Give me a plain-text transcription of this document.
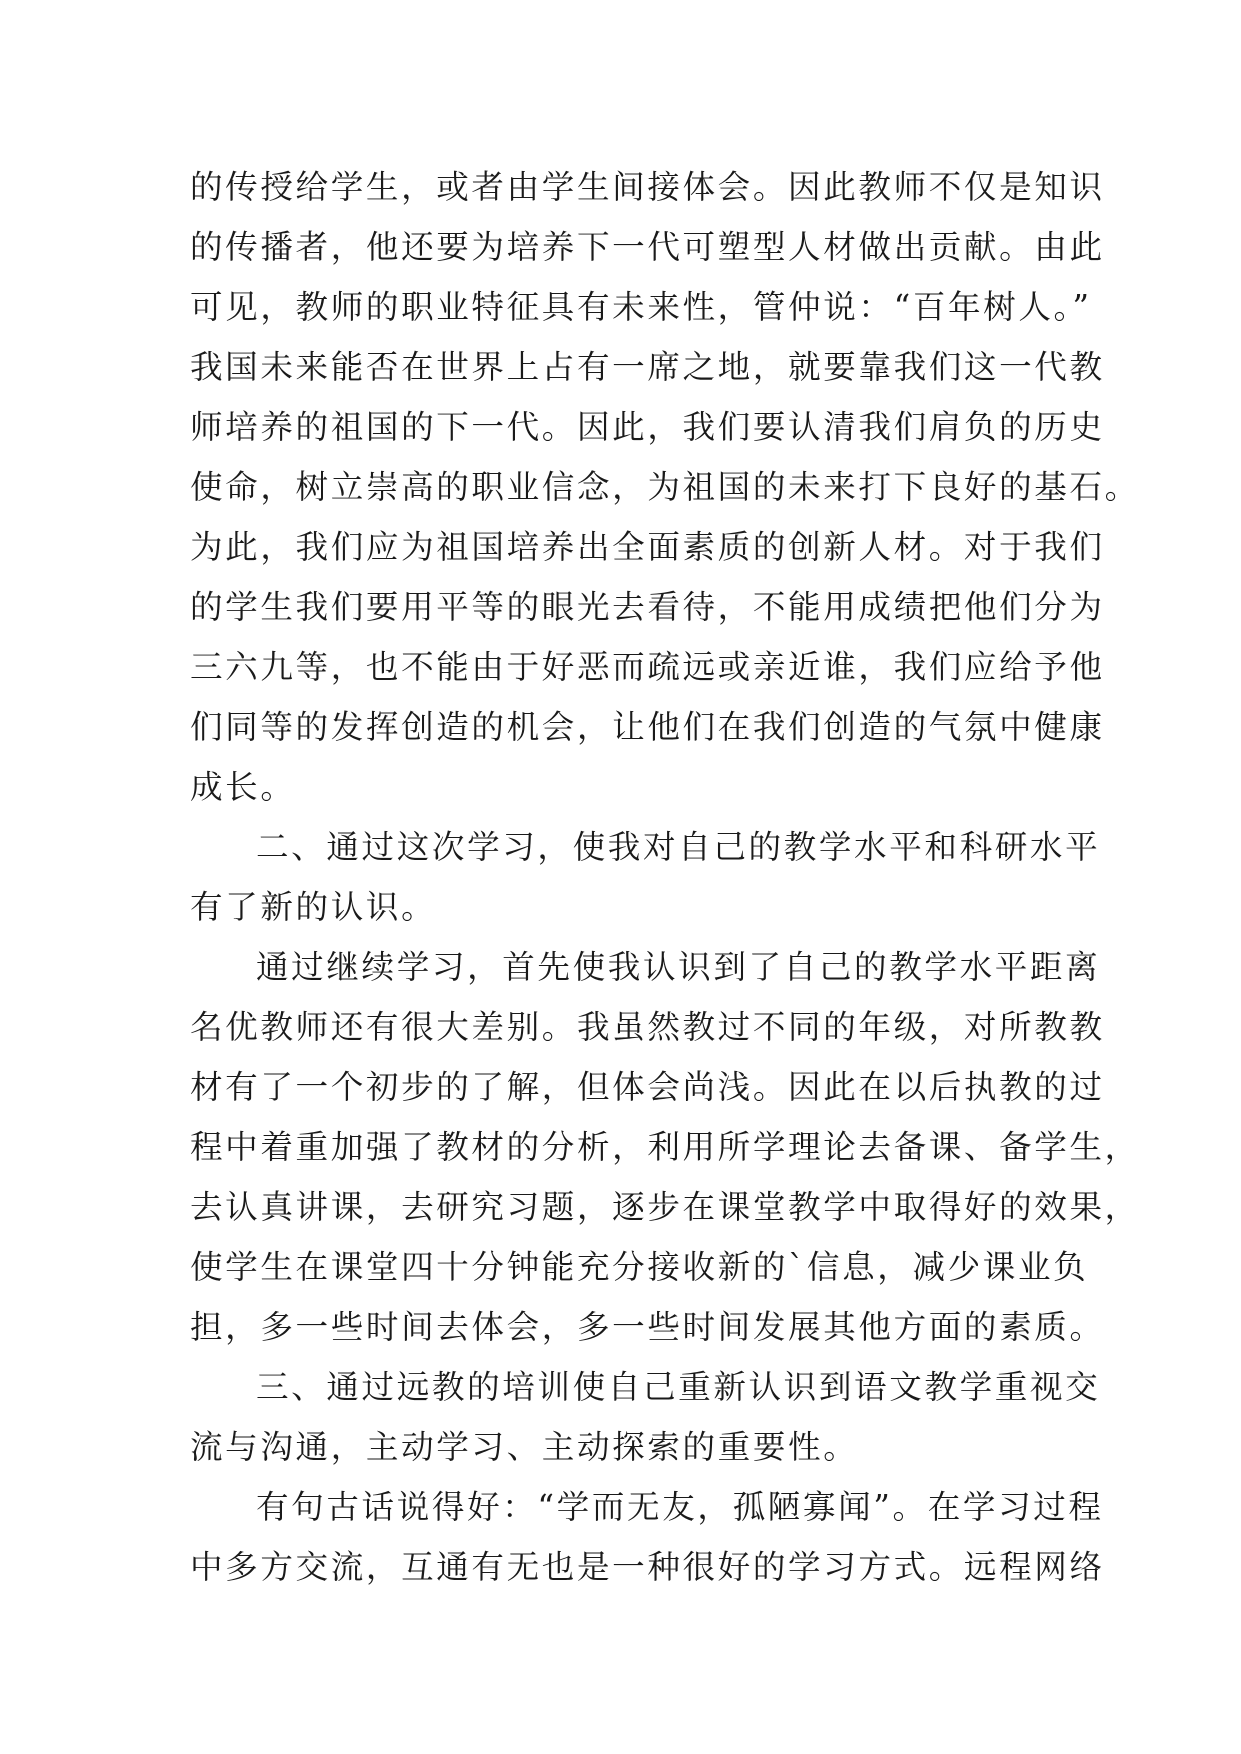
的传授给学生，或者由学生间接体会。因此教师不仅是知识
的传播者，他还要为培养下一代可塑型人材做出贡献。由此
可见，教师的职业特征具有未来性，管仲说：“百年树人。”
我国未来能否在世界上占有一席之地，就要靠我们这一代教
师培养的祖国的下一代。因此，我们要认清我们肩负的历史
使命，树立崇高的职业信念，为祖国的未来打下良好的基石。
为此，我们应为祖国培养出全面素质的创新人材。对于我们
的学生我们要用平等的眼光去看待，不能用成绩把他们分为
三六九等，也不能由于好恶而疏远或亲近谁，我们应给予他
们同等的发挥创造的机会，让他们在我们创造的气氛中健康
成长。
二、通过这次学习，使我对自己的教学水平和科研水平
有了新的认识。
通过继续学习，首先使我认识到了自己的教学水平距离
名优教师还有很大差别。我虽然教过不同的年级，对所教教
材有了一个初步的了解，但体会尚浅。因此在以后执教的过
程中着重加强了教材的分析，利用所学理论去备课、备学生，
去认真讲课，去研究习题，逐步在课堂教学中取得好的效果，
使学生在课堂四十分钟能充分接收新的`信息，减少课业负
担，多一些时间去体会，多一些时间发展其他方面的素质。
三、通过远教的培训使自己重新认识到语文教学重视交
流与沟通，主动学习、主动探索的重要性。
有句古话说得好：“学而无友，孤陋寡闻”。在学习过程
中多方交流，互通有无也是一种很好的学习方式。远程网络
